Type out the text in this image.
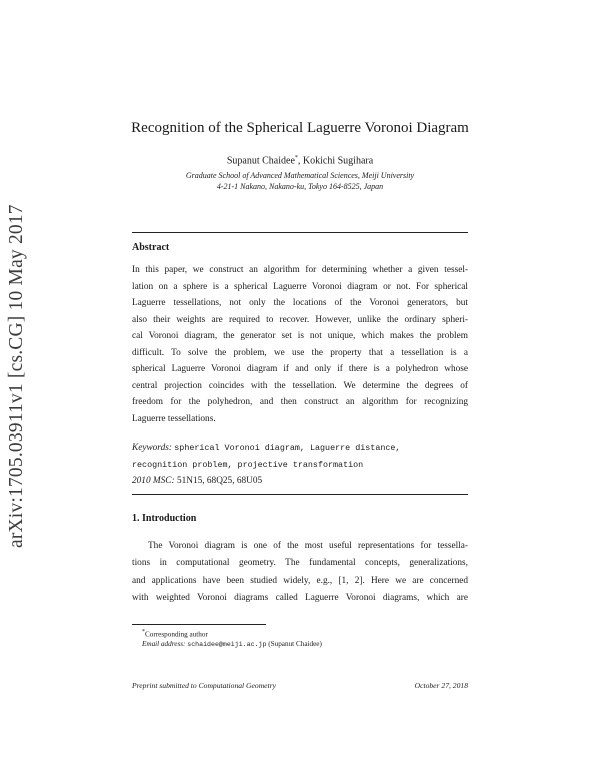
arXiv:1705.03911v1 [cs.CG] 10 May 2017
Recognition of the Spherical Laguerre Voronoi Diagram
Supanut Chaidee*, Kokichi Sugihara
Graduate School of Advanced Mathematical Sciences, Meiji University
4-21-1 Nakano, Nakano-ku, Tokyo 164-8525, Japan
Abstract
In this paper, we construct an algorithm for determining whether a given tessel-
lation on a sphere is a spherical Laguerre Voronoi diagram or not. For spherical
Laguerre tessellations, not only the locations of the Voronoi generators, but
also their weights are required to recover. However, unlike the ordinary spheri-
cal Voronoi diagram, the generator set is not unique, which makes the problem
difficult. To solve the problem, we use the property that a tessellation is a
spherical Laguerre Voronoi diagram if and only if there is a polyhedron whose
central projection coincides with the tessellation. We determine the degrees of
freedom for the polyhedron, and then construct an algorithm for recognizing
Laguerre tessellations.
Keywords: spherical Voronoi diagram, Laguerre distance,
recognition problem, projective transformation
2010 MSC: 51N15, 68Q25, 68U05
1. Introduction
The Voronoi diagram is one of the most useful representations for tessella-
tions in computational geometry. The fundamental concepts, generalizations,
and applications have been studied widely, e.g., [1, 2]. Here we are concerned
with weighted Voronoi diagrams called Laguerre Voronoi diagrams, which are
*Corresponding author
Email address: schaidee@meiji.ac.jp (Supanut Chaidee)
Preprint submitted to Computational Geometry	October 27, 2018
